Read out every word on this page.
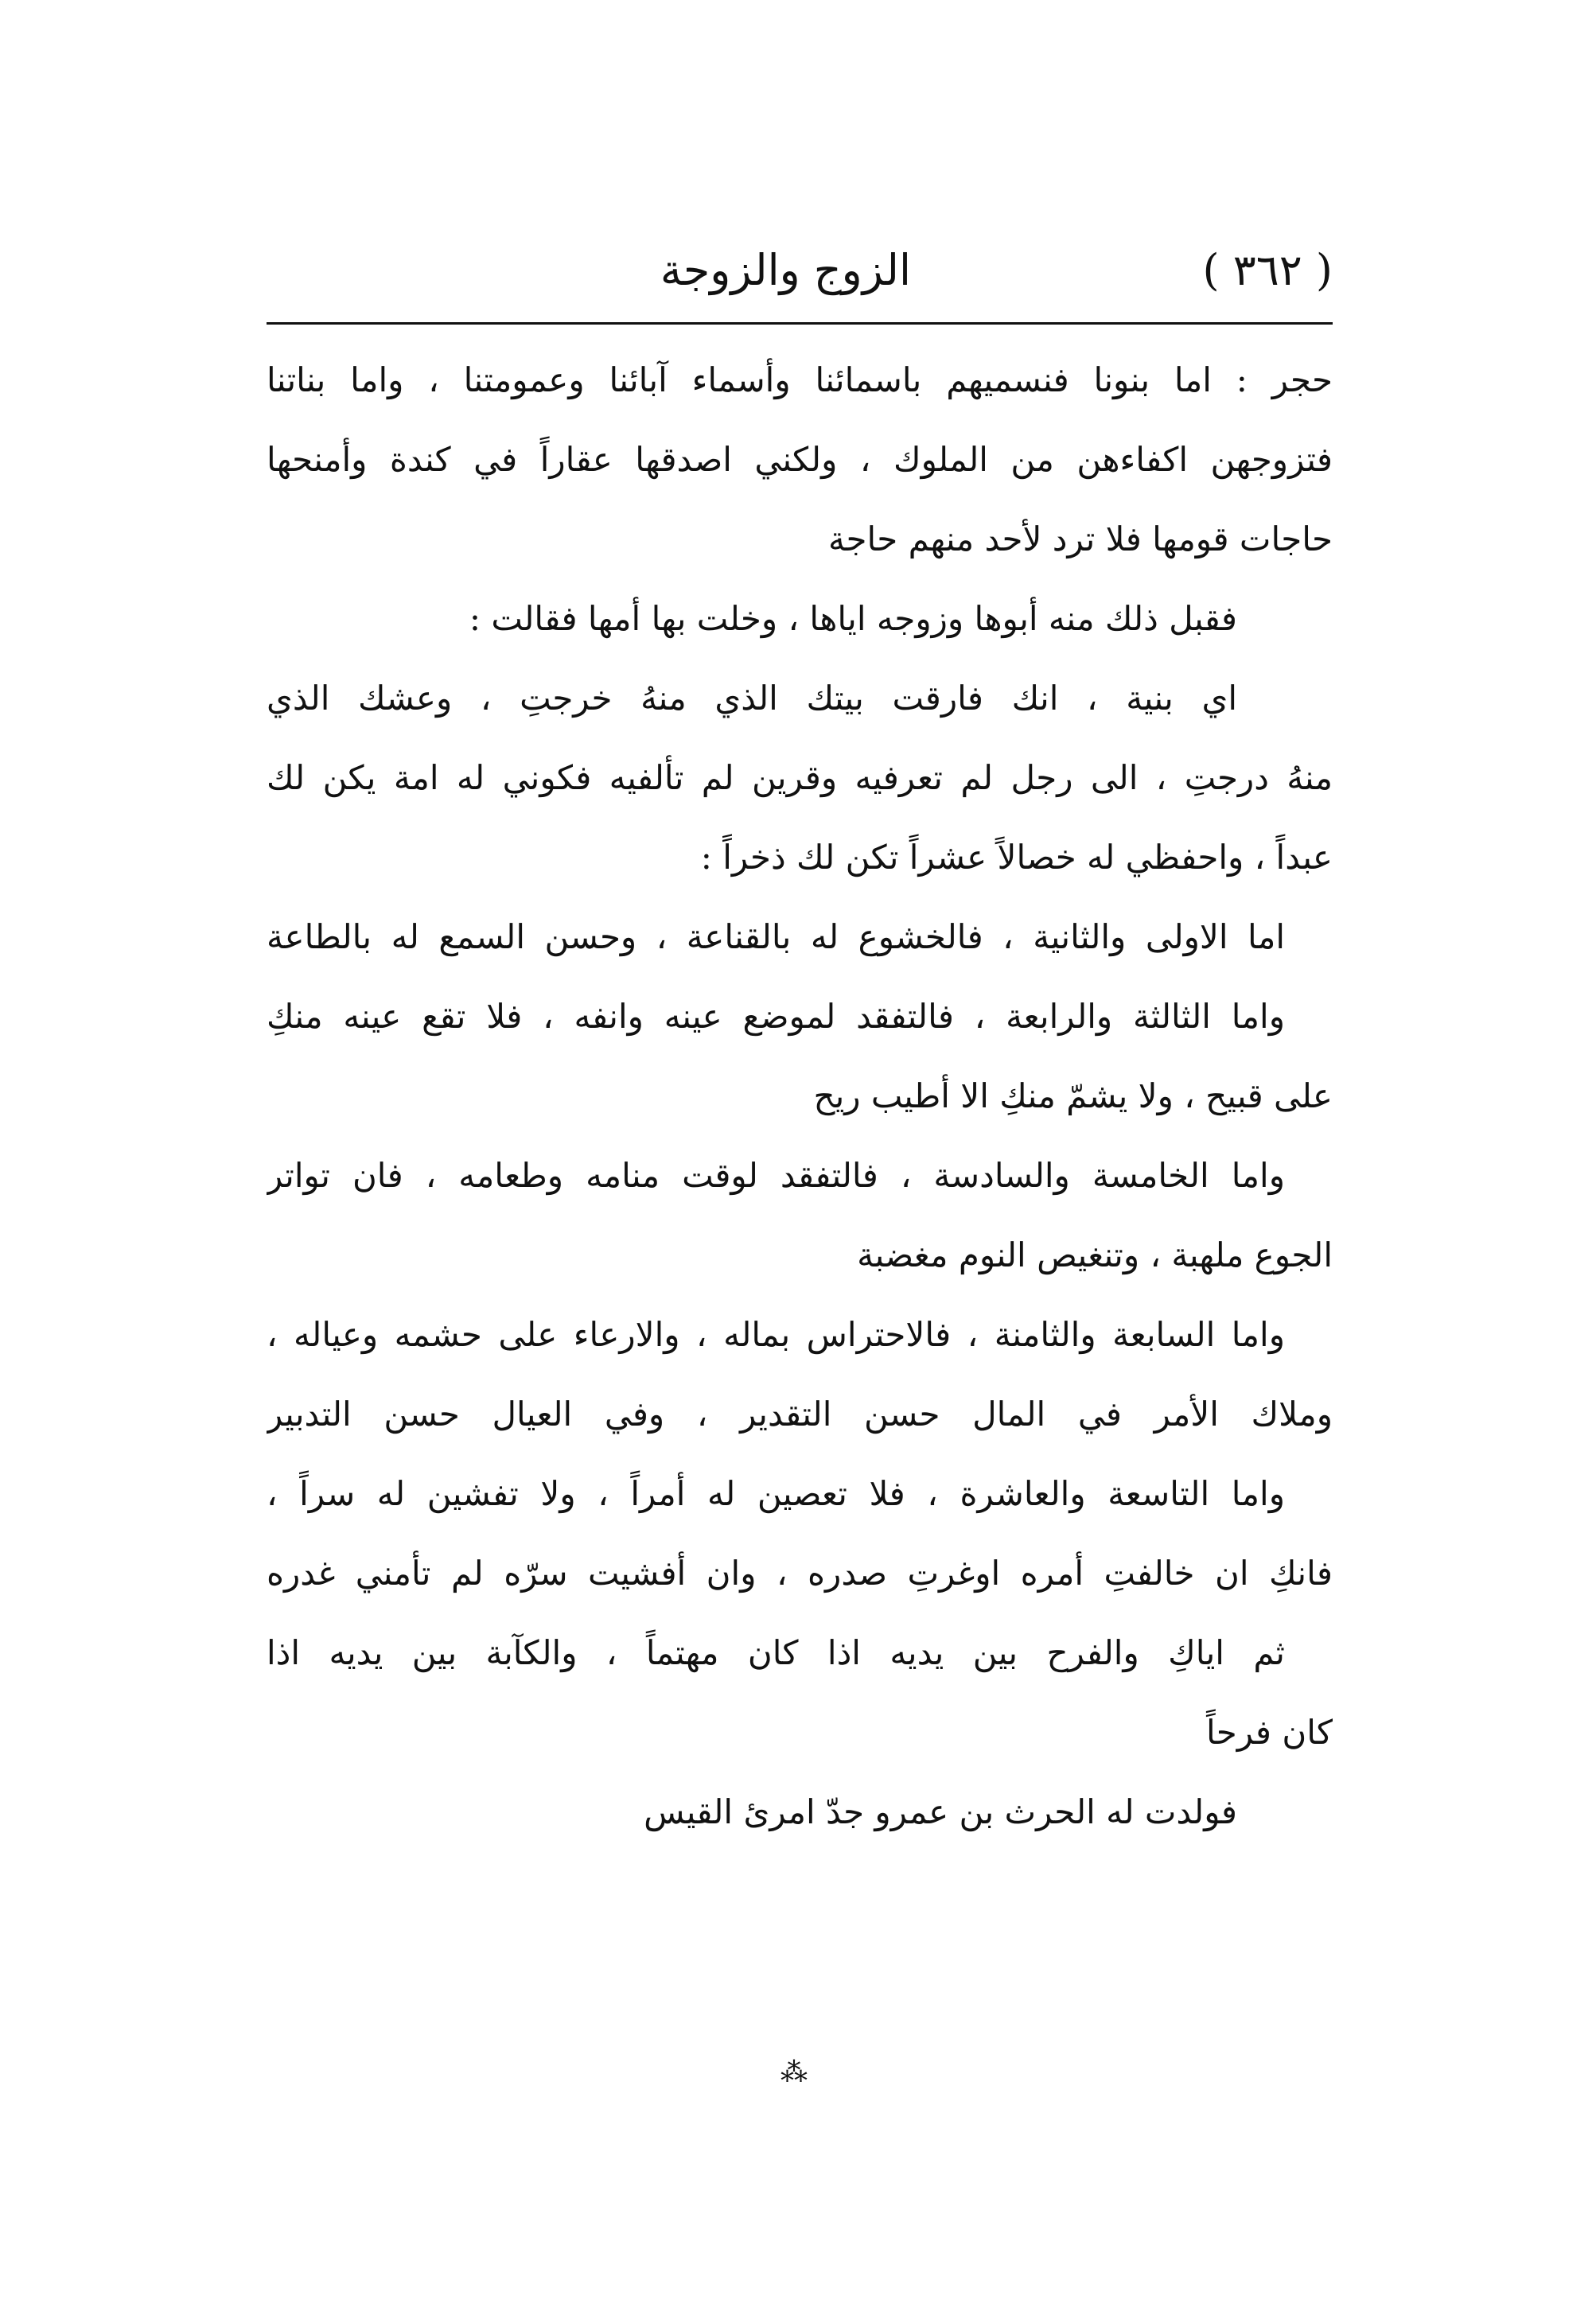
( ٣٦٢ )
الزوج والزوجة
حجر : اما بنونا فنسميهم باسمائنا وأسماء آبائنا وعمومتنا ، واما بناتنا
فتزوجهن اكفاءهن من الملوك ، ولكني اصدقها عقاراً في كندة وأمنحها
حاجات قومها فلا ترد لأحد منهم حاجة
فقبل ذلك منه أبوها وزوجه اياها ، وخلت بها أمها فقالت :
اي بنية ، انك فارقت بيتك الذي منهُ خرجتِ ، وعشك الذي
منهُ درجتِ ، الى رجل لم تعرفيه وقرين لم تألفيه فكوني له امة يكن لك
عبداً ، واحفظي له خصالاً عشراً تكن لك ذخراً :
اما الاولى والثانية ، فالخشوع له بالقناعة ، وحسن السمع له بالطاعة
واما الثالثة والرابعة ، فالتفقد لموضع عينه وانفه ، فلا تقع عينه منكِ
على قبيح ، ولا يشمّ منكِ الا أطيب ريح
واما الخامسة والسادسة ، فالتفقد لوقت منامه وطعامه ، فان تواتر
الجوع ملهبة ، وتنغيص النوم مغضبة
واما السابعة والثامنة ، فالاحتراس بماله ، والارعاء على حشمه وعياله ،
وملاك الأمر في المال حسن التقدير ، وفي العيال حسن التدبير
واما التاسعة والعاشرة ، فلا تعصين له أمراً ، ولا تفشين له سراً ،
فانكِ ان خالفتِ أمره اوغرتِ صدره ، وان أفشيت سرّه لم تأمني غدره
ثم اياكِ والفرح بين يديه اذا كان مهتماً ، والكآبة بين يديه اذا
كان فرحاً
فولدت له الحرث بن عمرو جدّ امرئ القيس
⁂
